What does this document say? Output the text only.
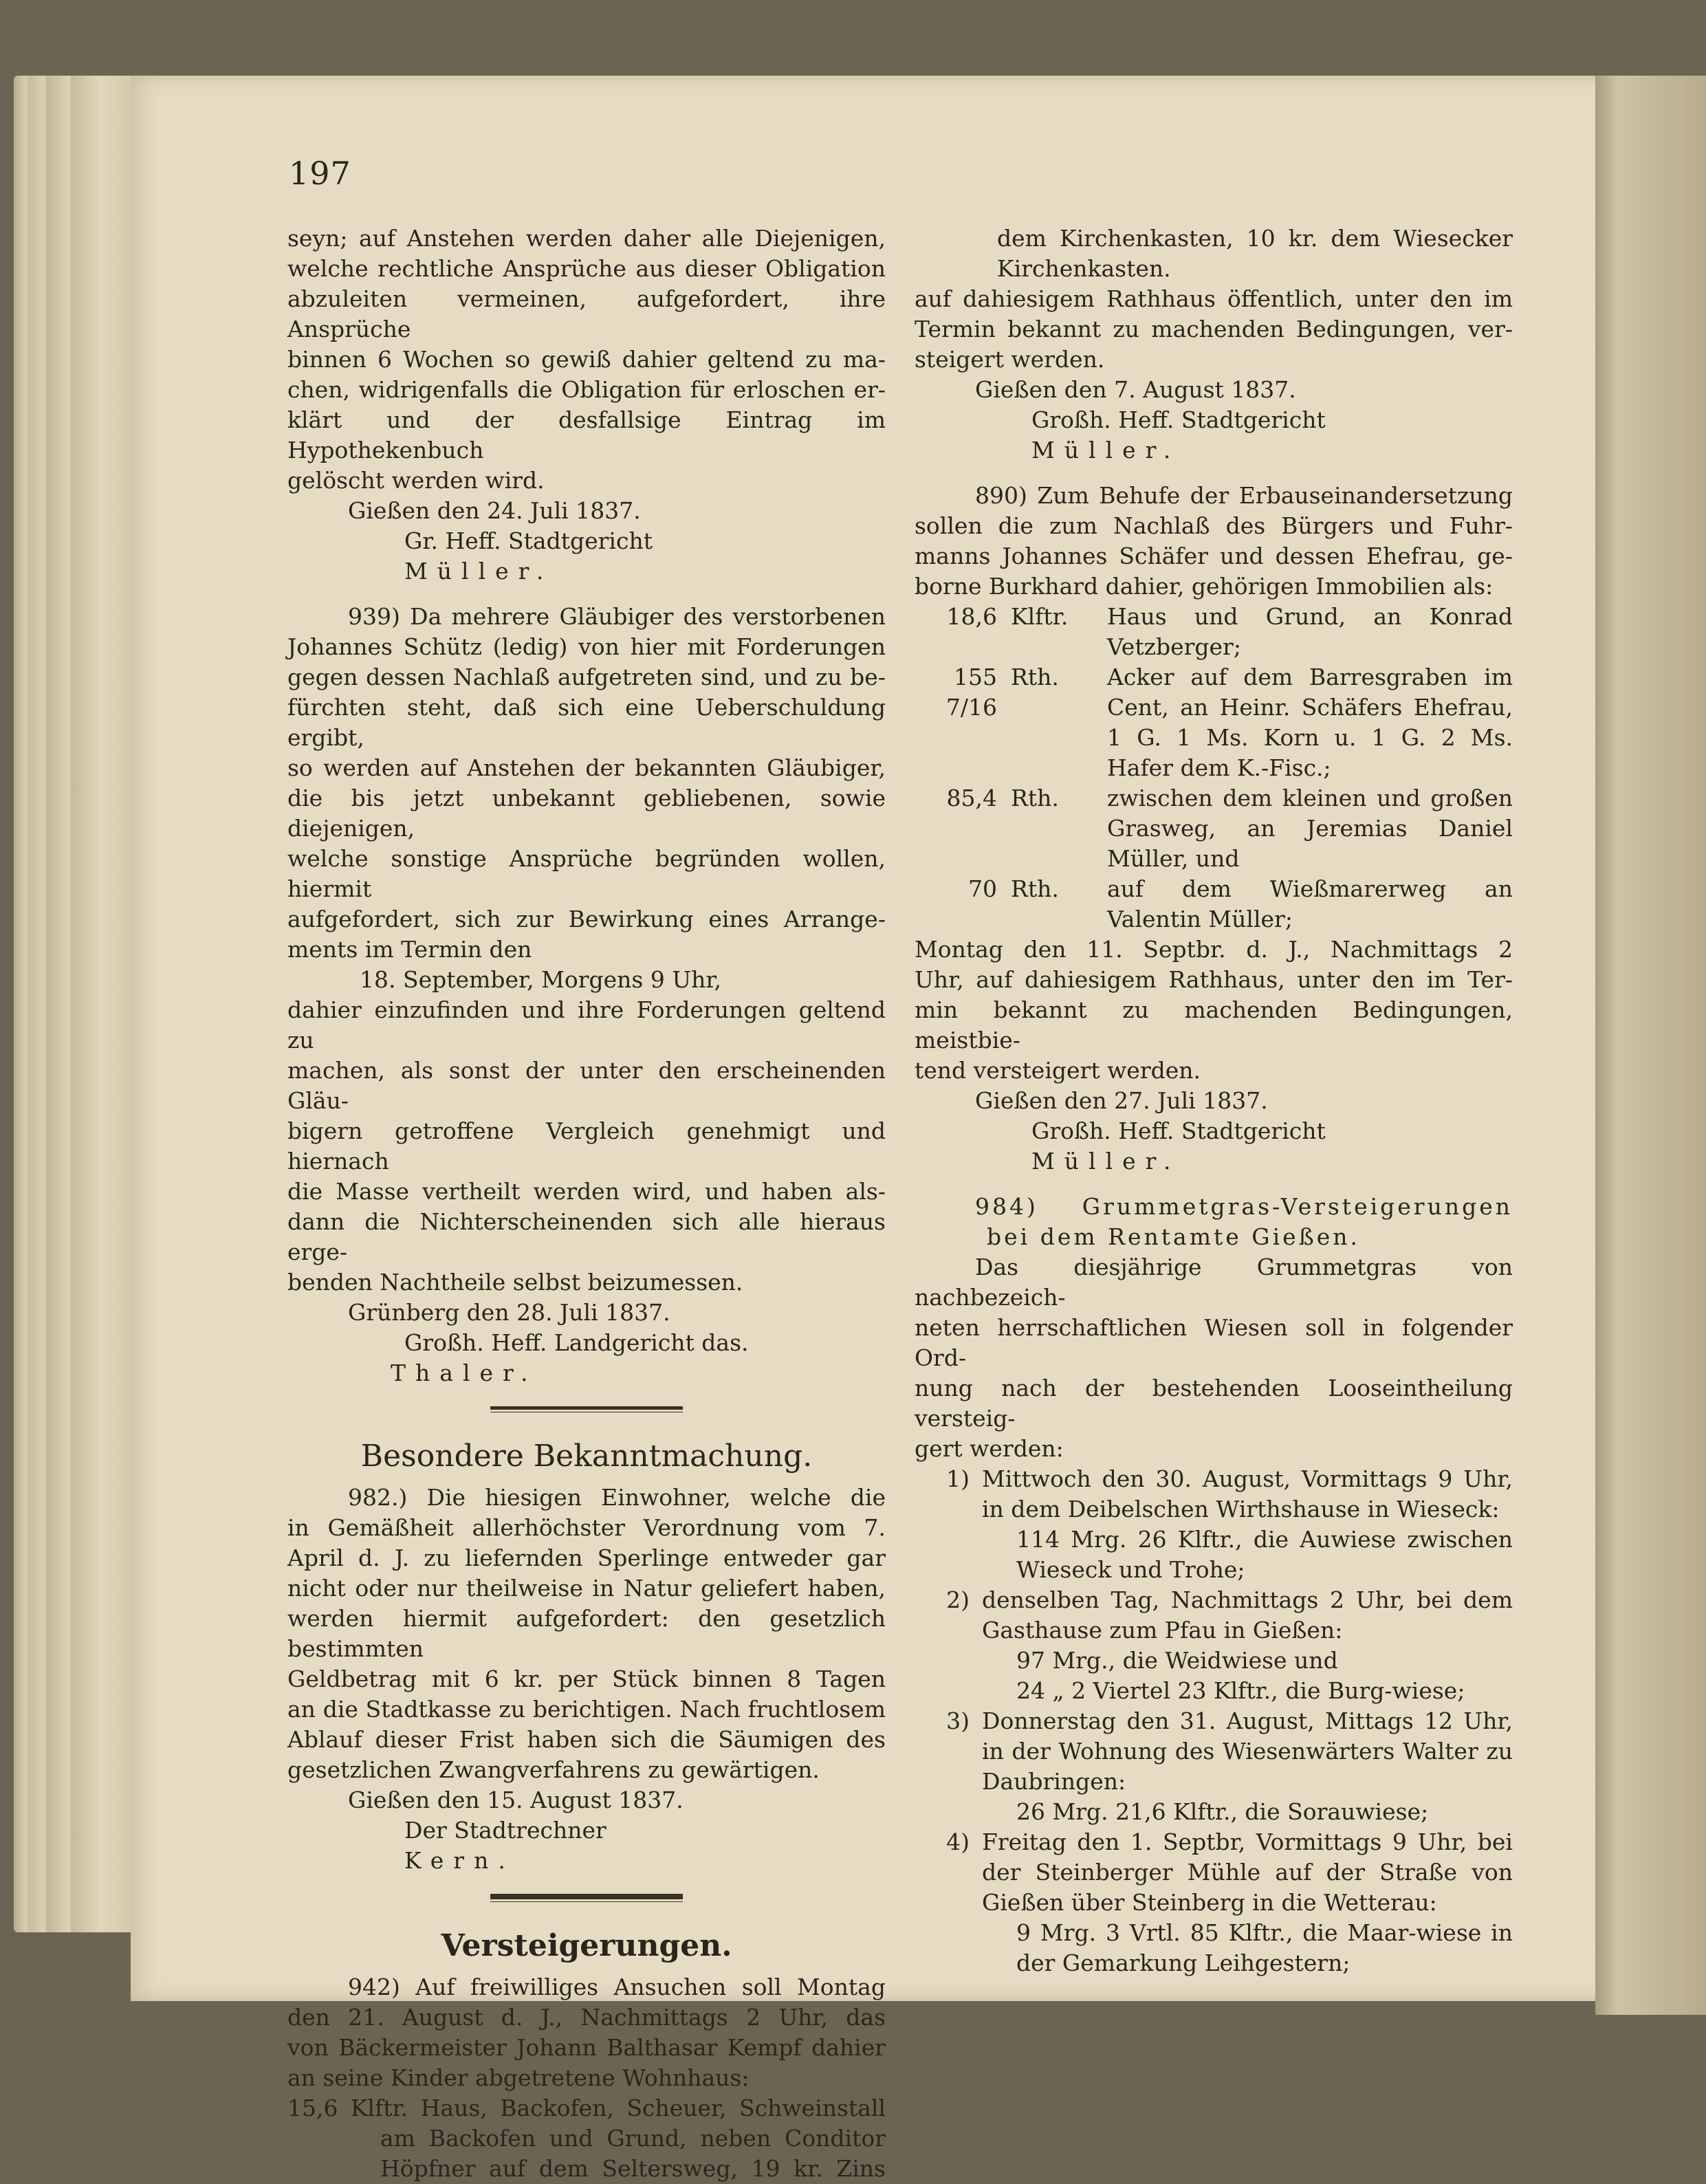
197

seyn; auf Anstehen werden daher alle Diejenigen,

welche rechtliche Ansprüche aus dieser Obligation

abzuleiten vermeinen, aufgefordert, ihre Ansprüche

binnen 6 Wochen so gewiß dahier geltend zu ma-

chen, widrigenfalls die Obligation für erloschen er-

klärt und der desfallsige Eintrag im Hypothekenbuch

gelöscht werden wird.

Gießen den 24. Juli 1837.

Gr. Heff. Stadtgericht

Müller.

939) Da mehrere Gläubiger des verstorbenen

Johannes Schütz (ledig) von hier mit Forderungen

gegen dessen Nachlaß aufgetreten sind, und zu be-

fürchten steht, daß sich eine Ueberschuldung ergibt,

so werden auf Anstehen der bekannten Gläubiger,

die bis jetzt unbekannt gebliebenen, sowie diejenigen,

welche sonstige Ansprüche begründen wollen, hiermit

aufgefordert, sich zur Bewirkung eines Arrange-

ments im Termin den

18. September, Morgens 9 Uhr,

dahier einzufinden und ihre Forderungen geltend zu

machen, als sonst der unter den erscheinenden Gläu-

bigern getroffene Vergleich genehmigt und hiernach

die Masse vertheilt werden wird, und haben als-

dann die Nichterscheinenden sich alle hieraus erge-

benden Nachtheile selbst beizumessen.

Grünberg den 28. Juli 1837.

Großh. Heff. Landgericht das.

Thaler.

Besondere Bekanntmachung.

982.) Die hiesigen Einwohner, welche die

in Gemäßheit allerhöchster Verordnung vom 7.

April d. J. zu liefernden Sperlinge entweder gar

nicht oder nur theilweise in Natur geliefert haben,

werden hiermit aufgefordert: den gesetzlich bestimmten

Geldbetrag mit 6 kr. per Stück binnen 8 Tagen

an die Stadtkasse zu berichtigen. Nach fruchtlosem

Ablauf dieser Frist haben sich die Säumigen des

gesetzlichen Zwangverfahrens zu gewärtigen.

Gießen den 15. August 1837.

Der Stadtrechner

Kern.

Versteigerungen.

942) Auf freiwilliges Ansuchen soll Montag

den 21. August d. J., Nachmittags 2 Uhr, das

von Bäckermeister Johann Balthasar Kempf dahier

an seine Kinder abgetretene Wohnhaus:

15,6 Klftr. Haus, Backofen, Scheuer, Schweinstall

am Backofen und Grund, neben Conditor

Höpfner auf dem Seltersweg, 19 kr. Zins

dem Kirchenkasten, 10 kr. dem Wiesecker

Kirchenkasten.

auf dahiesigem Rathhaus öffentlich, unter den im

Termin bekannt zu machenden Bedingungen, ver-

steigert werden.

Gießen den 7. August 1837.

Großh. Heff. Stadtgericht

Müller.

890) Zum Behufe der Erbauseinandersetzung

sollen die zum Nachlaß des Bürgers und Fuhr-

manns Johannes Schäfer und dessen Ehefrau, ge-

borne Burkhard dahier, gehörigen Immobilien als:

18,6	Klftr.	Haus und Grund, an Konrad Vetzberger;
155 7/16	Rth.	Acker auf dem Barresgraben im Cent, an Heinr. Schäfers Ehefrau, 1 G. 1 Ms. Korn u. 1 G. 2 Ms. Hafer dem K.-Fisc.;
85,4	Rth.	zwischen dem kleinen und großen Grasweg, an Jeremias Daniel Müller, und
70	Rth.	auf dem Wießmarerweg an Valentin Müller;

Montag den 11. Septbr. d. J., Nachmittags 2

Uhr, auf dahiesigem Rathhaus, unter den im Ter-

min bekannt zu machenden Bedingungen, meistbie-

tend versteigert werden.

Gießen den 27. Juli 1837.

Großh. Heff. Stadtgericht

Müller.

984) Grummetgras-Versteigerungen

bei dem Rentamte Gießen.

Das diesjährige Grummetgras von nachbezeich-

neten herrschaftlichen Wiesen soll in folgender Ord-

nung nach der bestehenden Looseintheilung versteig-

gert werden:

1) Mittwoch den 30. August, Vormittags 9 Uhr, in dem Deibelschen Wirthshause in Wieseck:

114 Mrg. 26 Klftr., die Auwiese zwischen Wieseck und Trohe;

2) denselben Tag, Nachmittags 2 Uhr, bei dem Gasthause zum Pfau in Gießen:

97 Mrg., die Weidwiese und

24 „ 2 Viertel 23 Klftr., die Burg-wiese;

3) Donnerstag den 31. August, Mittags 12 Uhr, in der Wohnung des Wiesenwärters Walter zu Daubringen:

26 Mrg. 21,6 Klftr., die Sorauwiese;

4) Freitag den 1. Septbr, Vormittags 9 Uhr, bei der Steinberger Mühle auf der Straße von Gießen über Steinberg in die Wetterau:

9 Mrg. 3 Vrtl. 85 Klftr., die Maar-wiese in der Gemarkung Leihgestern;
